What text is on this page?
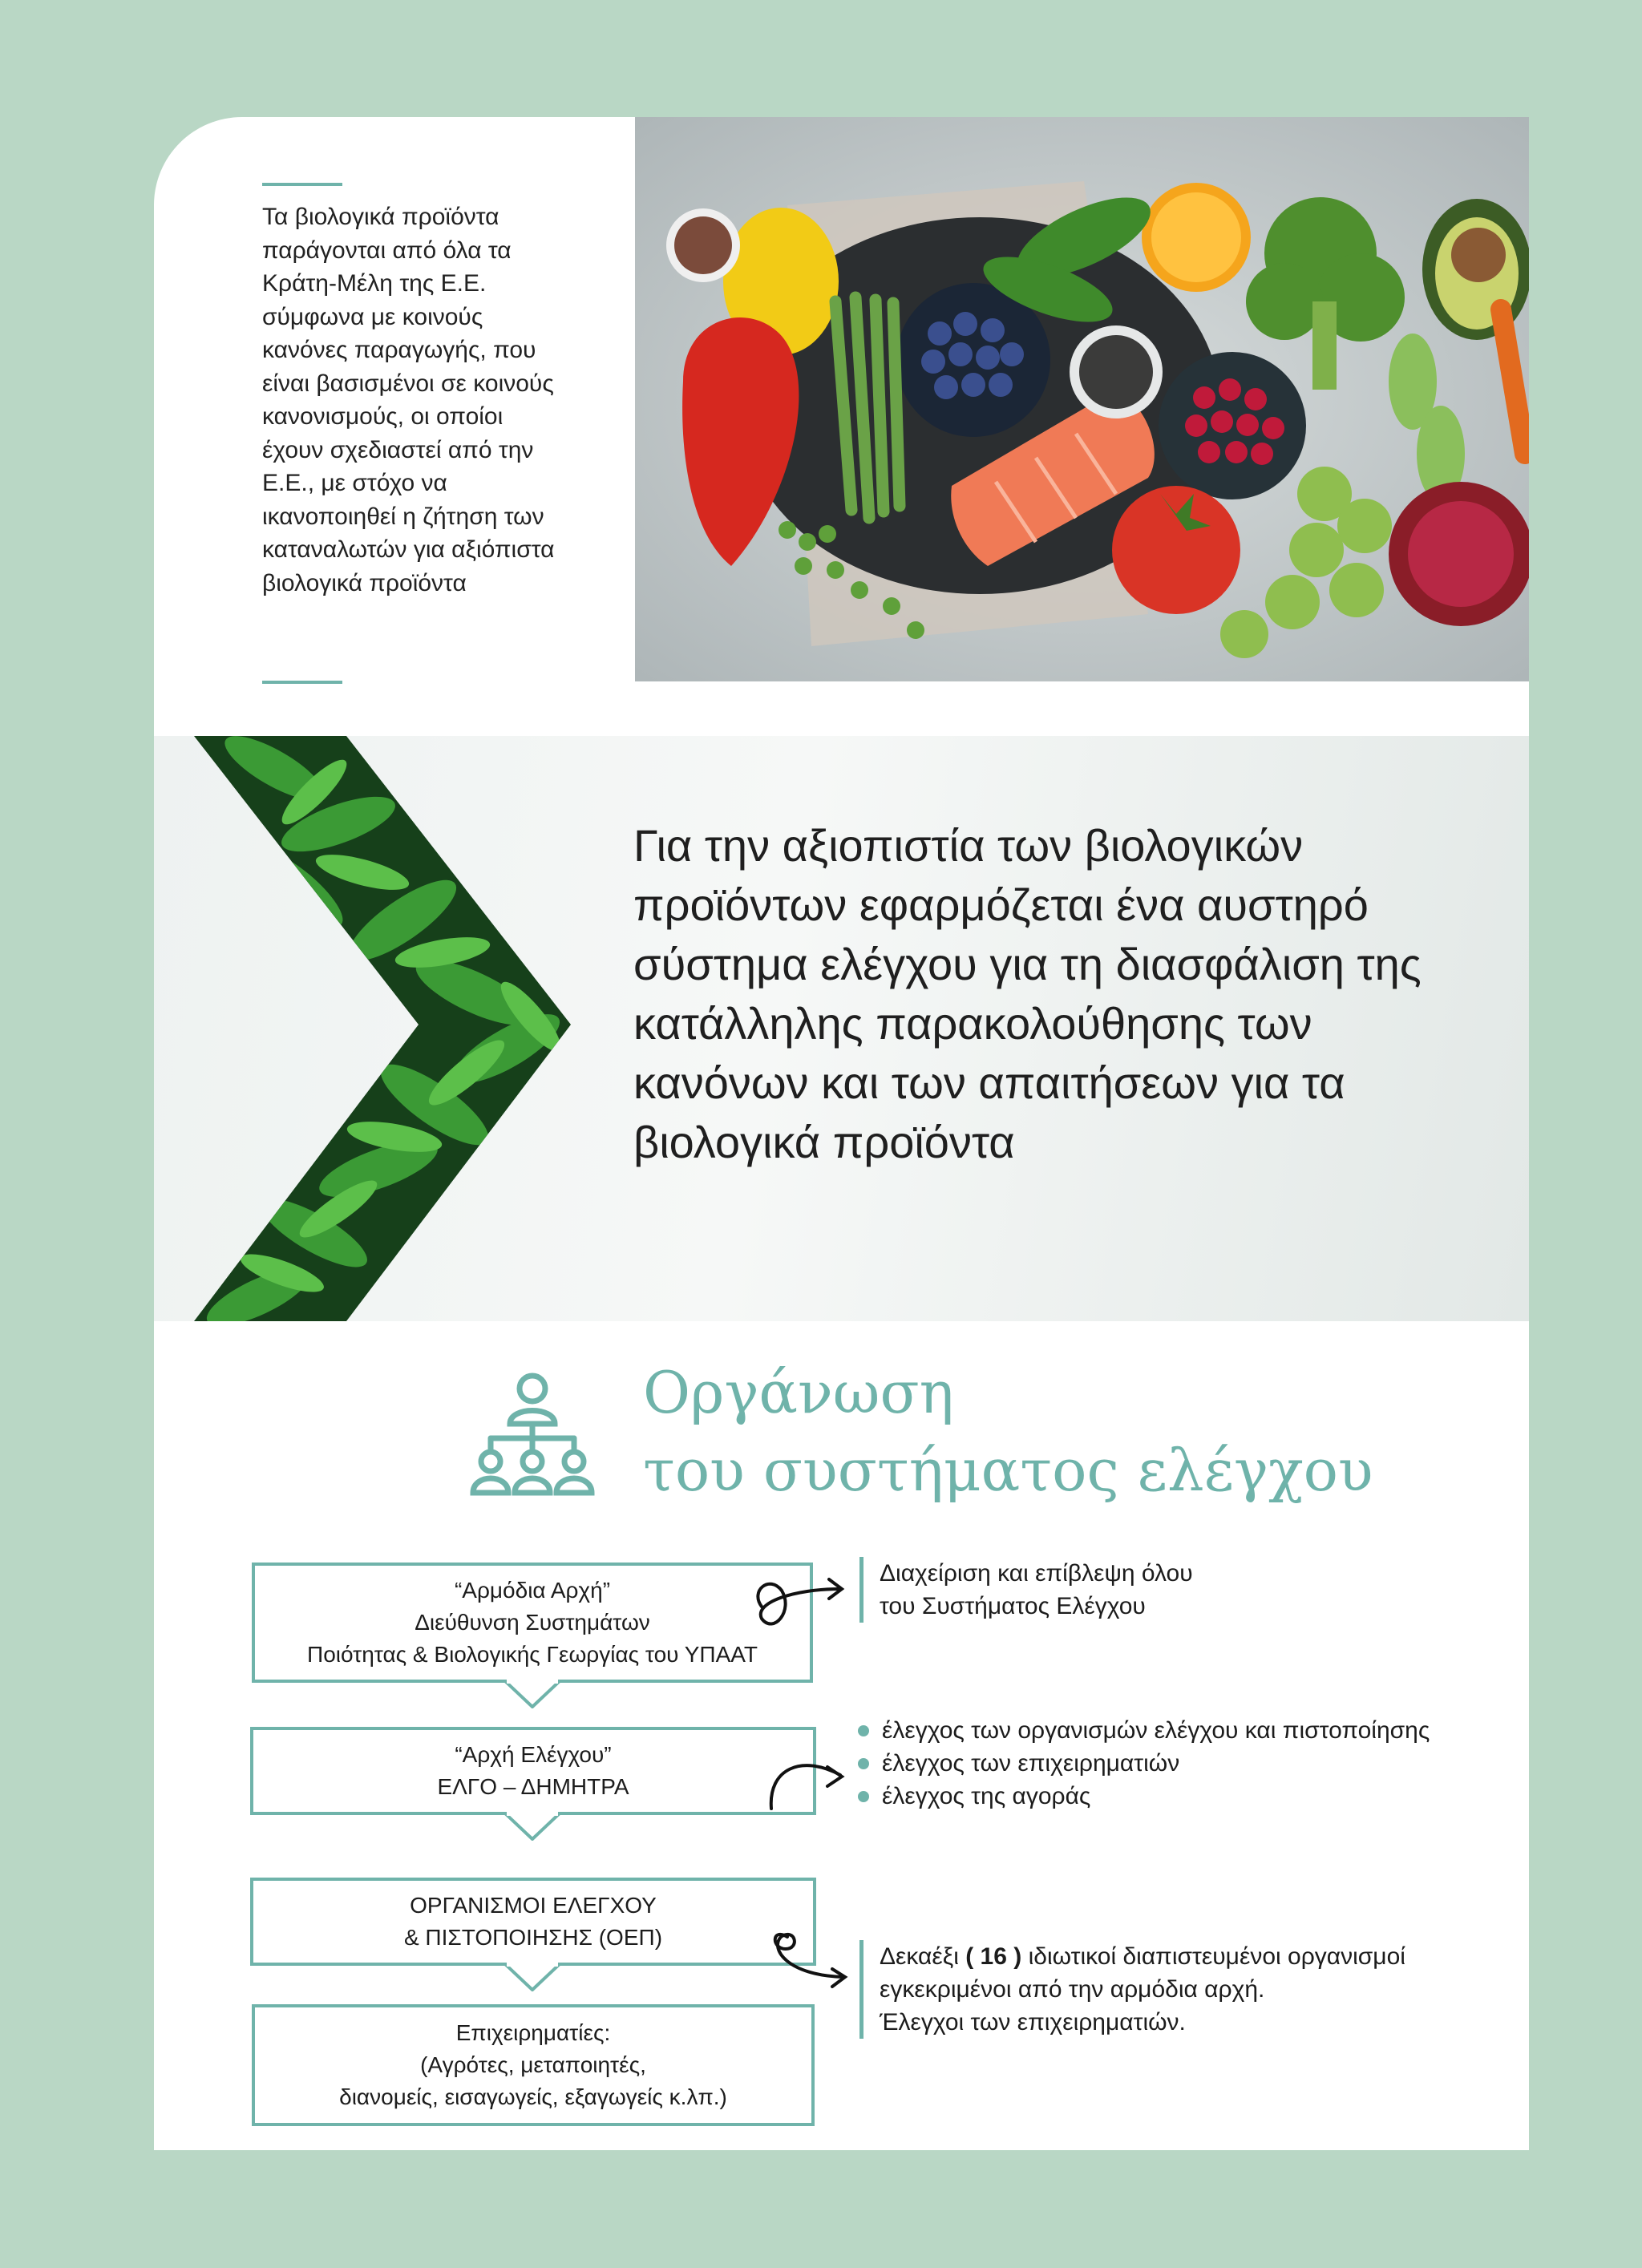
Τα βιολογικά προϊόντα παράγονται από όλα τα Κράτη-Μέλη της Ε.Ε. σύμφωνα με κοινούς κανόνες παραγωγής, που είναι βασισμένοι σε κοινούς κανονισμούς, οι οποίοι έχουν σχεδιαστεί από την Ε.Ε., με στόχο να ικανοποιηθεί η ζήτηση των καταναλωτών για αξιόπιστα βιολογικά προϊόντα
Για την αξιοπιστία των βιολογικών προϊόντων εφαρμόζεται ένα αυστηρό σύστημα ελέγχου για τη διασφάλιση της κατάλληλης παρακολούθησης των κανόνων και των απαιτήσεων για τα βιολογικά προϊόντα
Οργάνωση
του συστήματος ελέγχου
“Αρμόδια Αρχή”
Διεύθυνση Συστημάτων
Ποιότητας & Βιολογικής Γεωργίας του ΥΠΑΑΤ
“Αρχή Ελέγχου”
ΕΛΓΟ – ΔΗΜΗΤΡΑ
ΟΡΓΑΝΙΣΜΟΙ ΕΛΕΓΧΟΥ
& ΠΙΣΤΟΠΟΙΗΣΗΣ (ΟΕΠ)
Επιχειρηματίες:
(Αγρότες, μεταποιητές,
διανομείς, εισαγωγείς, εξαγωγείς κ.λπ.)
Διαχείριση και επίβλεψη όλου
του Συστήματος Ελέγχου
έλεγχος των οργανισμών ελέγχου και πιστοποίησης
έλεγχος των επιχειρηματιών
έλεγχος της αγοράς
Δεκαέξι ( 16 ) ιδιωτικοί διαπιστευμένοι οργανισμοί
εγκεκριμένοι από την αρμόδια αρχή.
Έλεγχοι των επιχειρηματιών.
